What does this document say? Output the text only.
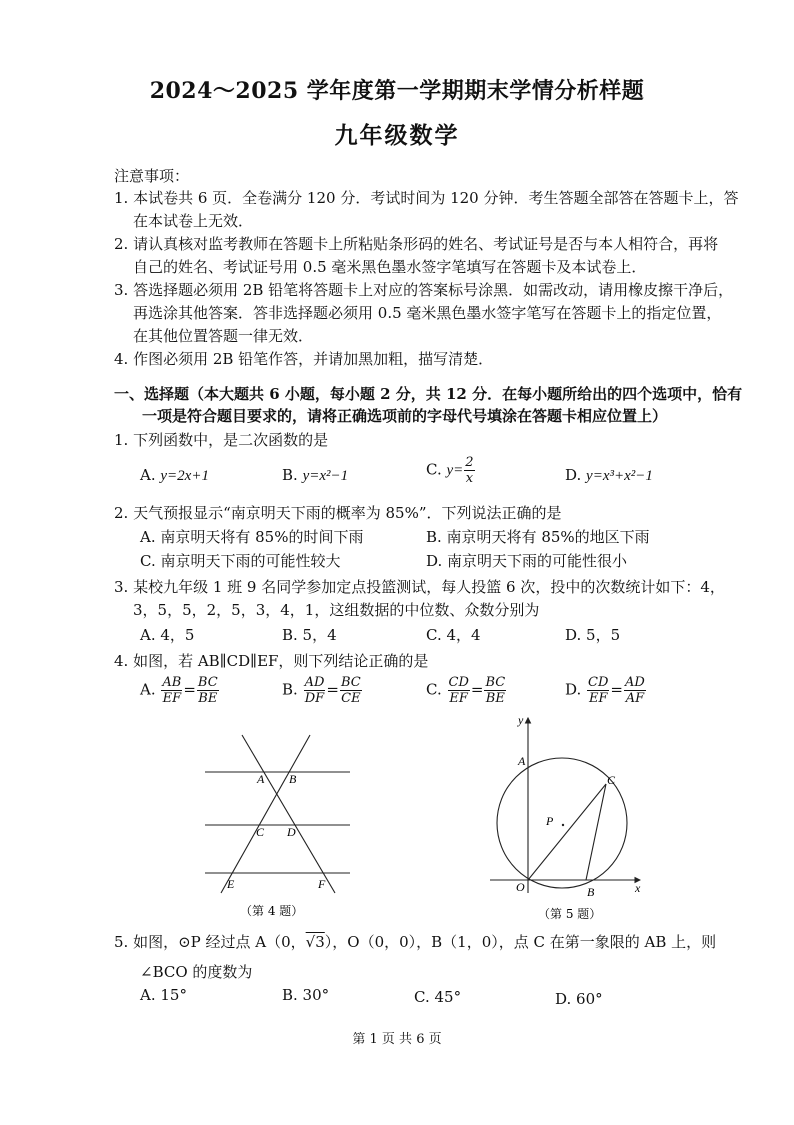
2024～2025 学年度第一学期期末学情分析样题
九年级数学
注意事项：
1. 本试卷共 6 页．全卷满分 120 分．考试时间为 120 分钟．考生答题全部答在答题卡上，答
在本试卷上无效．
2. 请认真核对监考教师在答题卡上所粘贴条形码的姓名、考试证号是否与本人相符合，再将
自己的姓名、考试证号用 0.5 毫米黑色墨水签字笔填写在答题卡及本试卷上．
3. 答选择题必须用 2B 铅笔将答题卡上对应的答案标号涂黑．如需改动，请用橡皮擦干净后，
再选涂其他答案．答非选择题必须用 0.5 毫米黑色墨水签字笔写在答题卡上的指定位置，
在其他位置答题一律无效．
4. 作图必须用 2B 铅笔作答，并请加黑加粗，描写清楚．
一、选择题（本大题共 6 小题，每小题 2 分，共 12 分．在每小题所给出的四个选项中，恰有
一项是符合题目要求的，请将正确选项前的字母代号填涂在答题卡相应位置上）
1. 下列函数中，是二次函数的是
A. y=2x+1	B. y=x²−1	C. $y= \frac{2}{x}$	D. y=x³+x²−1
2. 天气预报显示“南京明天下雨的概率为 85%”．下列说法正确的是
A. 南京明天将有 85%的时间下雨	B. 南京明天将有 85%的地区下雨
C. 南京明天下雨的可能性较大	D. 南京明天下雨的可能性很小
3. 某校九年级 1 班 9 名同学参加定点投篮测试，每人投篮 6 次，投中的次数统计如下：4，
3，5，5，2，5，3，4，1，这组数据的中位数、众数分别为
A. 4，5	B. 5，4	C. 4，4	D. 5，5
4. 如图，若 AB∥CD∥EF，则下列结论正确的是
A. $\frac{AB}{EF} = \frac{BC}{BE}$	B. $\frac{AD}{DF} = \frac{BC}{CE}$	C. $\frac{CD}{EF} = \frac{BC}{BE}$	D. $\frac{CD}{EF} = \frac{AD}{AF}$
A B
C D
E	F
（第 4 题）
y
x
A
C
P
O	B
（第 5 题）
5. 如图，⊙P 经过点 A（0，√3），O（0，0），B（1，0），点 C 在第一象限的 AB 上，则
∠BCO 的度数为
A. 15°	B. 30°	C. 45°	D. 60°
第 1 页 共 6 页
